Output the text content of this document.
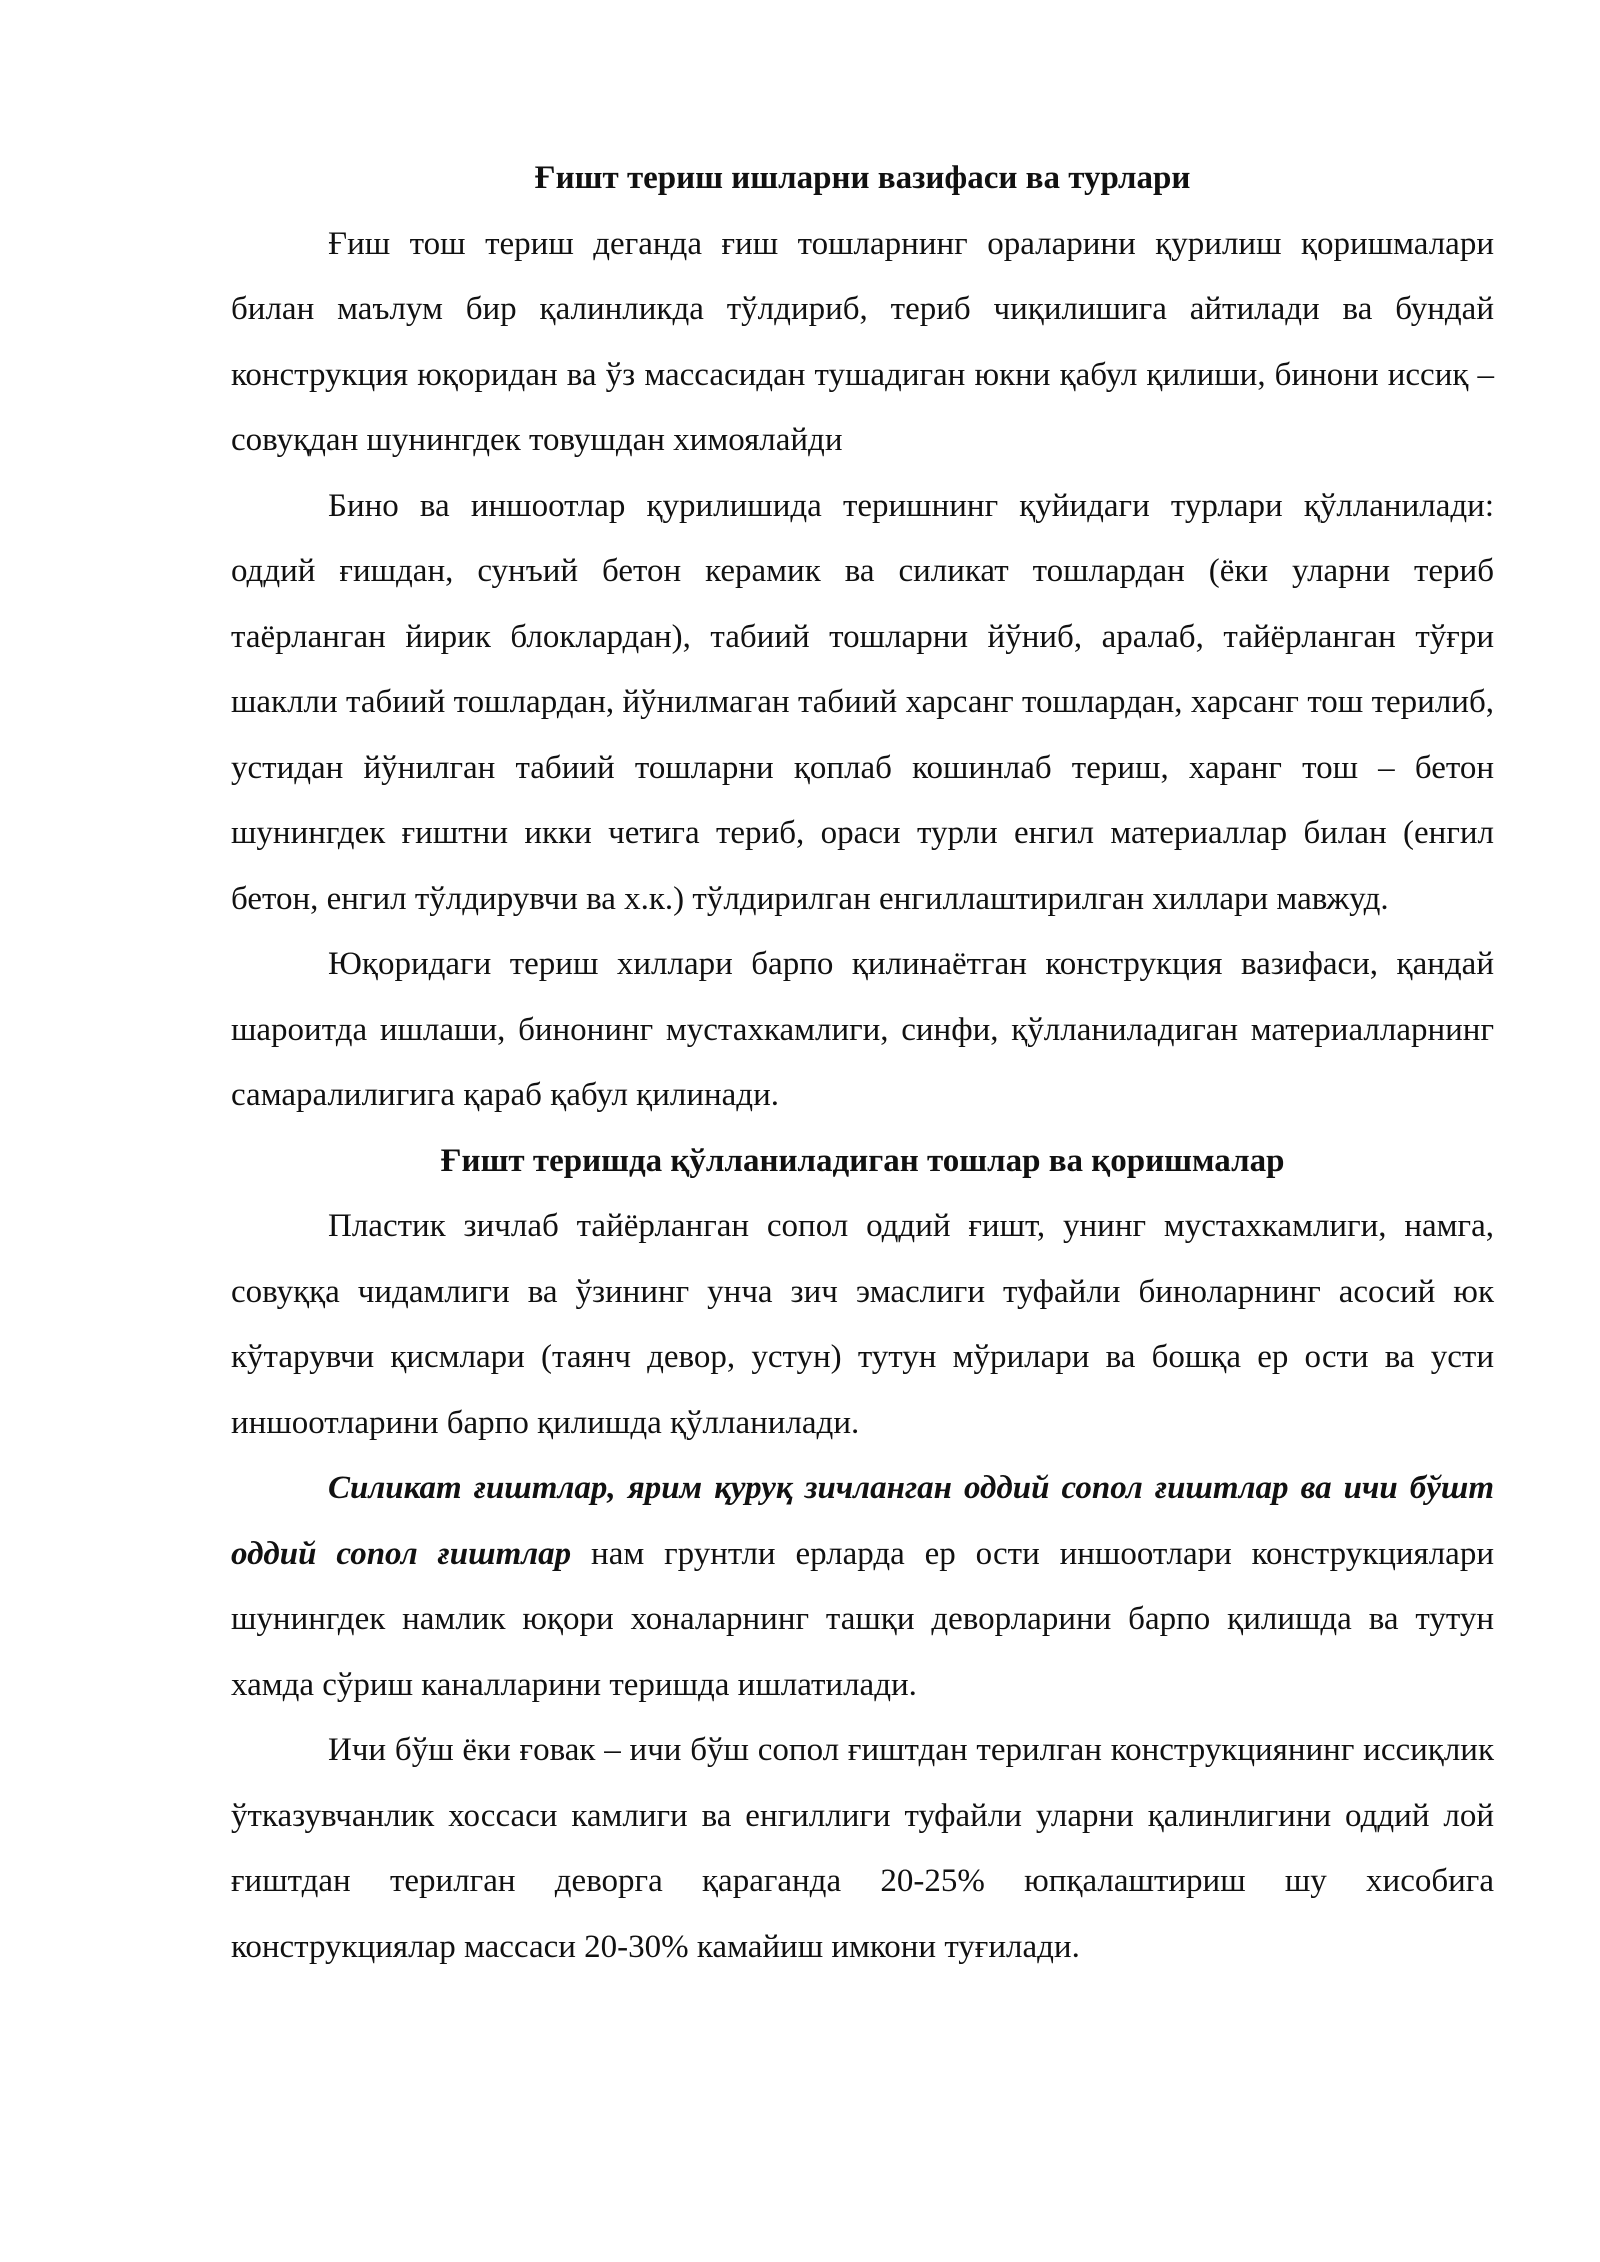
Ғишт териш ишларни вазифаси ва турлари

Ғиш тош териш деганда ғиш тошларнинг ораларини қурилиш қоришмалари билан маълум бир қалинликда тўлдириб, териб чиқилишига айтилади ва бундай конструкция юқоридан ва ўз массасидан тушадиган юкни қабул қилиши, бинони иссиқ – совуқдан шунингдек товушдан химоялайди

Бино ва иншоотлар қурилишида теришнинг қуйидаги турлари қўлланилади: оддий ғишдан, сунъий бетон керамик ва силикат тошлардан (ёки уларни териб таёрланган йирик блоклардан), табиий тошларни йўниб, аралаб, тайёрланган тўғри шаклли табиий тошлардан, йўнилмаган табиий харсанг тошлардан, харсанг тош терилиб, устидан йўнилган табиий тошларни қоплаб кошинлаб териш, харанг тош – бетон шунингдек ғиштни икки четига териб, ораси турли енгил материаллар билан (енгил бетон, енгил тўлдирувчи ва х.к.) тўлдирилган енгиллаштирилган хиллари мавжуд.

Юқоридаги териш хиллари барпо қилинаётган конструкция вазифаси, қандай шароитда ишлаши, бинонинг мустахкамлиги, синфи, қўлланиладиган материалларнинг самаралилигига қараб қабул қилинади.

Ғишт теришда қўлланиладиган тошлар ва қоришмалар

Пластик зичлаб тайёрланган сопол оддий ғишт, унинг мустахкамлиги, намга, совуққа чидамлиги ва ўзининг унча зич эмаслиги туфайли биноларнинг асосий юк кўтарувчи қисмлари (таянч девор, устун) тутун мўрилари ва бошқа ер ости ва усти иншоотларини барпо қилишда қўлланилади.

Силикат ғиштлар, ярим қуруқ зичланган оддий сопол ғиштлар ва ичи бўшт оддий сопол ғиштлар нам грунтли ерларда ер ости иншоотлари конструкциялари шунингдек намлик юқори хоналарнинг ташқи деворларини барпо қилишда ва тутун хамда сўриш каналларини теришда ишлатилади.

Ичи бўш ёки ғовак – ичи бўш сопол ғиштдан терилган конструкциянинг иссиқлик ўтказувчанлик хоссаси камлиги ва енгиллиги туфайли уларни қалинлигини оддий лой ғиштдан терилган деворга қараганда 20-25% юпқалаштириш шу хисобига конструкциялар массаси 20-30% камайиш имкони туғилади.
